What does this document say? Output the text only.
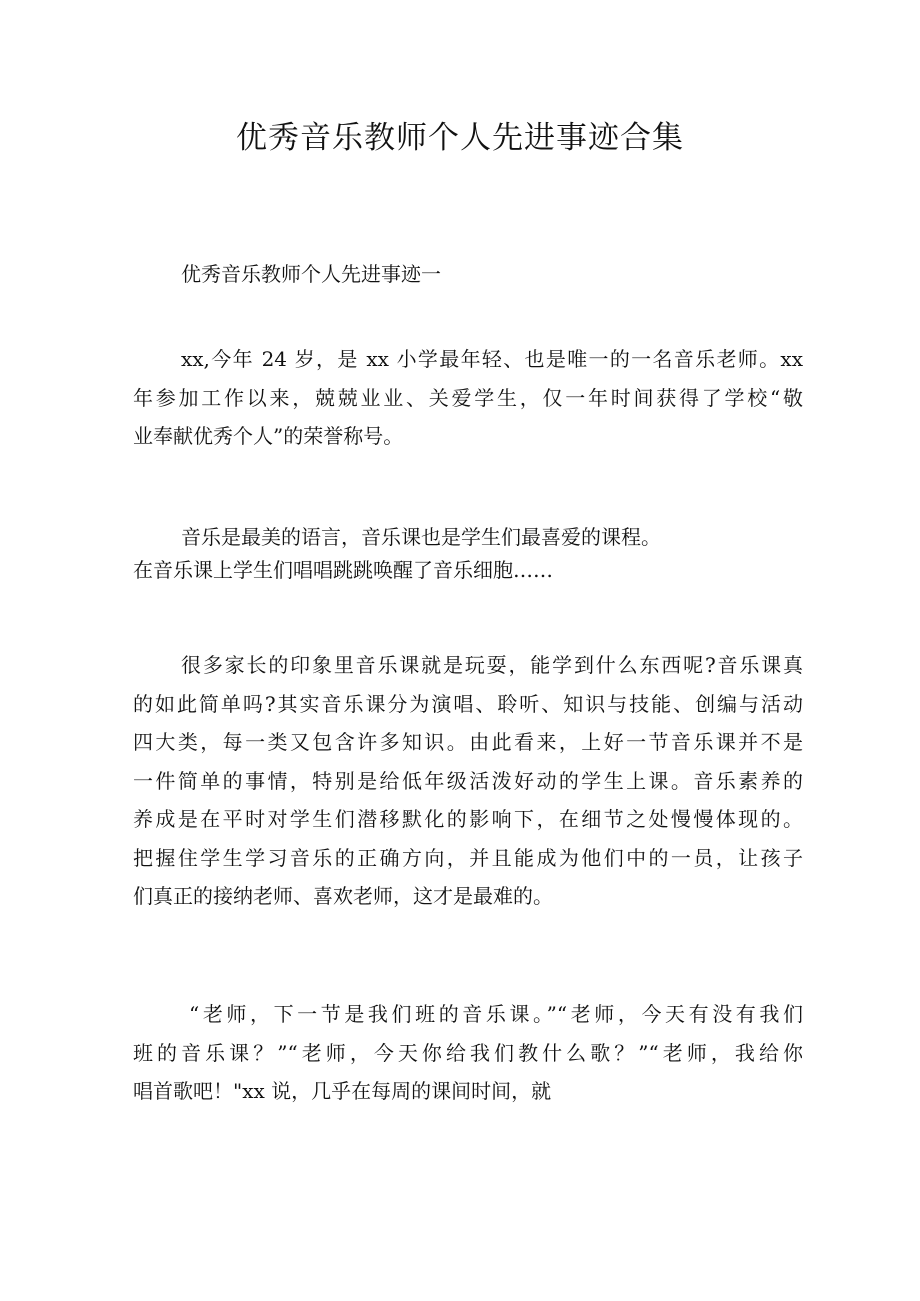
优秀音乐教师个人先进事迹合集

优秀音乐教师个人先进事迹一

xx,今年 24 岁，是 xx 小学最年轻、也是唯一的一名音乐老师。xx
年参加工作以来，兢兢业业、关爱学生，仅一年时间获得了学校“敬
业奉献优秀个人”的荣誉称号。

音乐是最美的语言，音乐课也是学生们最喜爱的课程。
在音乐课上学生们唱唱跳跳唤醒了音乐细胞……

很多家长的印象里音乐课就是玩耍，能学到什么东西呢?音乐课真
的如此简单吗?其实音乐课分为演唱、聆听、知识与技能、创编与活动
四大类，每一类又包含许多知识。由此看来，上好一节音乐课并不是
一件简单的事情，特别是给低年级活泼好动的学生上课。音乐素养的
养成是在平时对学生们潜移默化的影响下，在细节之处慢慢体现的。
把握住学生学习音乐的正确方向，并且能成为他们中的一员，让孩子
们真正的接纳老师、喜欢老师，这才是最难的。

“老师，下一节是我们班的音乐课。”“老师，今天有没有我们
班的音乐课？”“老师，今天你给我们教什么歌？”“老师，我给你
唱首歌吧！"xx 说，几乎在每周的课间时间，就
